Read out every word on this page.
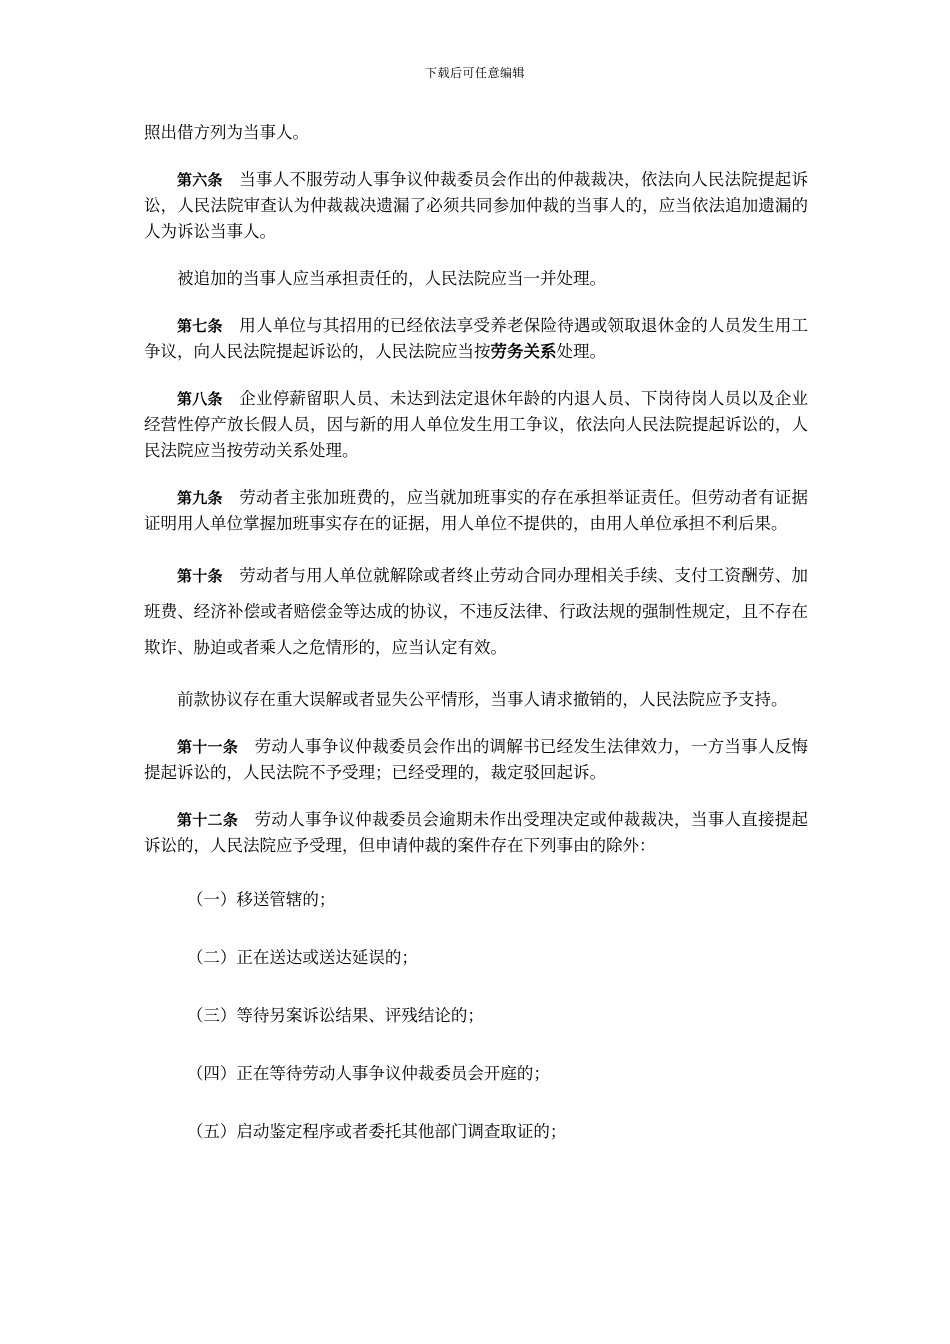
下载后可任意编辑

照出借方列为当事人。

第六条 当事人不服劳动人事争议仲裁委员会作出的仲裁裁决，依法向人民法院提起诉讼，人民法院审查认为仲裁裁决遗漏了必须共同参加仲裁的当事人的，应当依法追加遗漏的人为诉讼当事人。

被追加的当事人应当承担责任的，人民法院应当一并处理。

第七条 用人单位与其招用的已经依法享受养老保险待遇或领取退休金的人员发生用工争议，向人民法院提起诉讼的，人民法院应当按劳务关系处理。

第八条 企业停薪留职人员、未达到法定退休年龄的内退人员、下岗待岗人员以及企业经营性停产放长假人员，因与新的用人单位发生用工争议，依法向人民法院提起诉讼的，人民法院应当按劳动关系处理。

第九条 劳动者主张加班费的，应当就加班事实的存在承担举证责任。但劳动者有证据证明用人单位掌握加班事实存在的证据，用人单位不提供的，由用人单位承担不利后果。

第十条 劳动者与用人单位就解除或者终止劳动合同办理相关手续、支付工资酬劳、加班费、经济补偿或者赔偿金等达成的协议，不违反法律、行政法规的强制性规定，且不存在欺诈、胁迫或者乘人之危情形的，应当认定有效。

前款协议存在重大误解或者显失公平情形，当事人请求撤销的，人民法院应予支持。

第十一条 劳动人事争议仲裁委员会作出的调解书已经发生法律效力，一方当事人反悔提起诉讼的，人民法院不予受理；已经受理的，裁定驳回起诉。

第十二条 劳动人事争议仲裁委员会逾期未作出受理决定或仲裁裁决，当事人直接提起诉讼的，人民法院应予受理，但申请仲裁的案件存在下列事由的除外：

（一）移送管辖的；
（二）正在送达或送达延误的；
（三）等待另案诉讼结果、评残结论的；
（四）正在等待劳动人事争议仲裁委员会开庭的；
（五）启动鉴定程序或者委托其他部门调查取证的；
